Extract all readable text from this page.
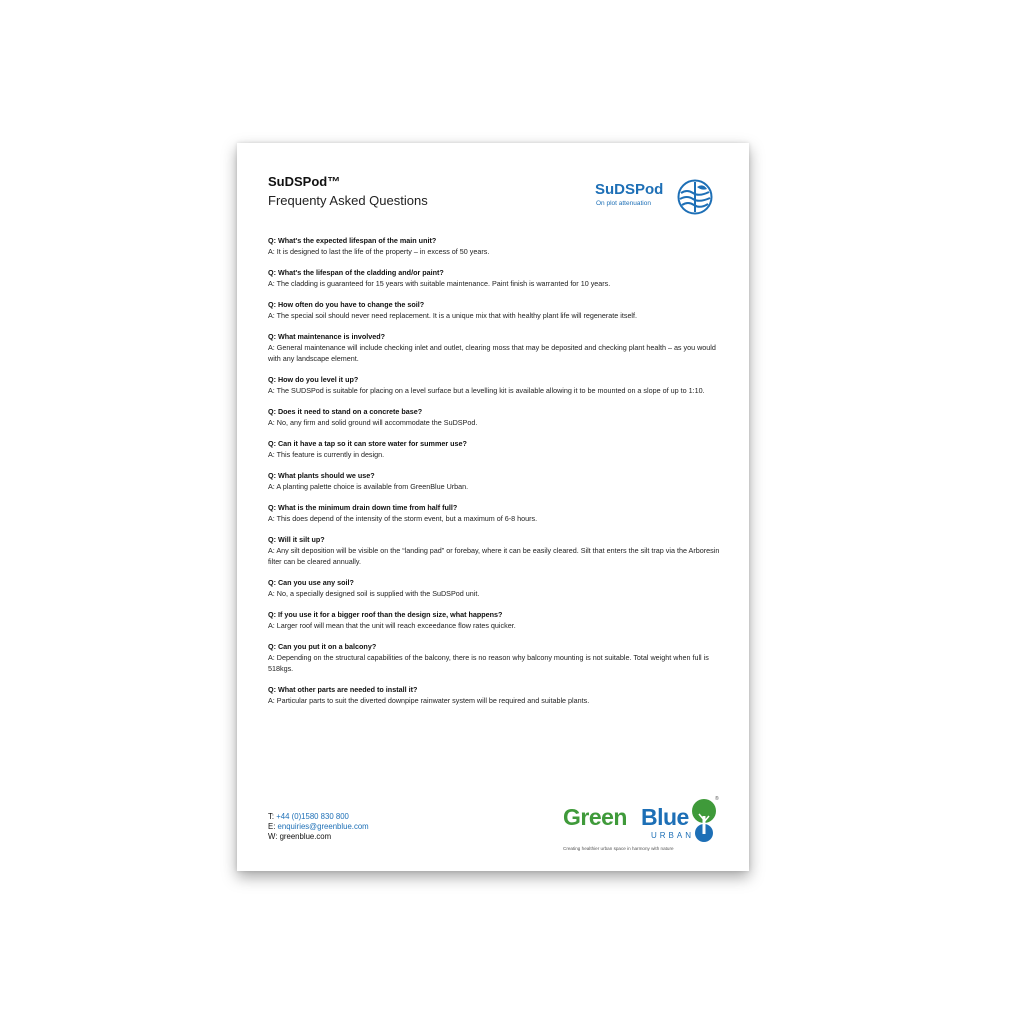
SuDSPod™
Frequenty Asked Questions
SuDSPod
On plot attenuation
Q: What's the expected lifespan of the main unit?
A: It is designed to last the life of the property – in excess of 50 years.
Q: What's the lifespan of the cladding and/or paint?
A: The cladding is guaranteed for 15 years with suitable maintenance. Paint finish is warranted for 10 years.
Q: How often do you have to change the soil?
A: The special soil should never need replacement. It is a unique mix that with healthy plant life will regenerate itself.
Q: What maintenance is involved?
A: General maintenance will include checking inlet and outlet, clearing moss that may be deposited and checking plant health – as you would with any landscape element.
Q: How do you level it up?
A: The SUDSPod is suitable for placing on a level surface but a levelling kit is available allowing it to be mounted on a slope of up to 1:10.
Q: Does it need to stand on a concrete base?
A: No, any firm and solid ground will accommodate the SuDSPod.
Q: Can it have a tap so it can store water for summer use?
A: This feature is currently in design.
Q: What plants should we use?
A: A planting palette choice is available from GreenBlue Urban.
Q: What is the minimum drain down time from half full?
A: This does depend of the intensity of the storm event, but a maximum of 6-8 hours.
Q: Will it silt up?
A: Any silt deposition will be visible on the “landing pad” or forebay, where it can be easily cleared. Silt that enters the silt trap via the Arboresin filter can be cleared annually.
Q: Can you use any soil?
A: No, a specially designed soil is supplied with the SuDSPod unit.
Q: If you use it for a bigger roof than the design size, what happens?
A: Larger roof will mean that the unit will reach exceedance flow rates quicker.
Q: Can you put it on a balcony?
A: Depending on the structural capabilities of the balcony, there is no reason why balcony mounting is not suitable. Total weight when full is 518kgs.
Q: What other parts are needed to install it?
A: Particular parts to suit the diverted downpipe rainwater system will be required and suitable plants.
T: +44 (0)1580 830 800
E: enquiries@greenblue.com
W: greenblue.com
Green Blue
URBAN
®
Creating healthier urban space in harmony with nature
